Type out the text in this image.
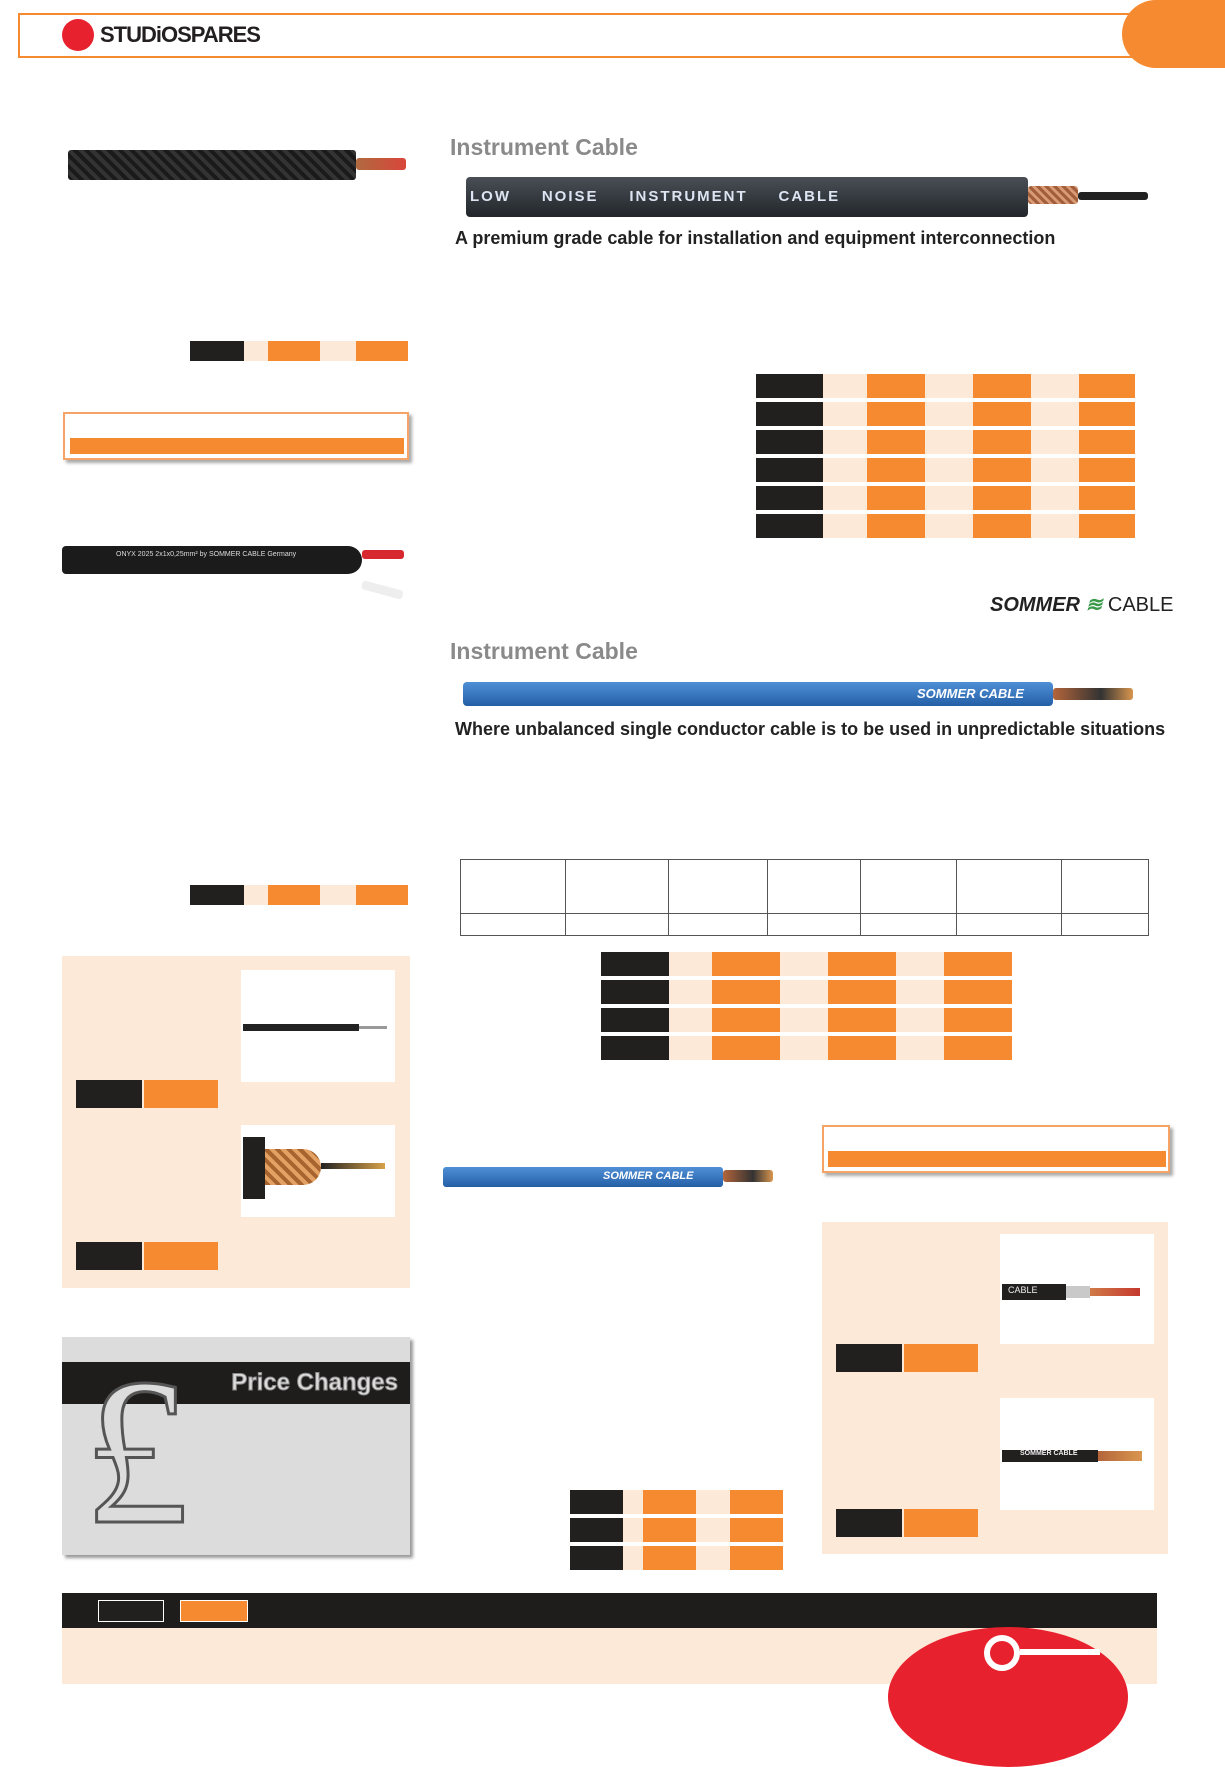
STUDiOSPARES
ONYX 2025 2x1x0,25mm² by SOMMER CABLE Germany
£ Price Changes
Instrument Cable
LOW     NOISE     INSTRUMENT     CABLE
A premium grade cable for installation and equipment interconnection
SOMMER ≋ CABLE
Instrument Cable
SOMMER CABLE
Where unbalanced single conductor cable is to be used in unpredictable situations

SOMMER CABLE
CABLE
SOMMER CABLE
